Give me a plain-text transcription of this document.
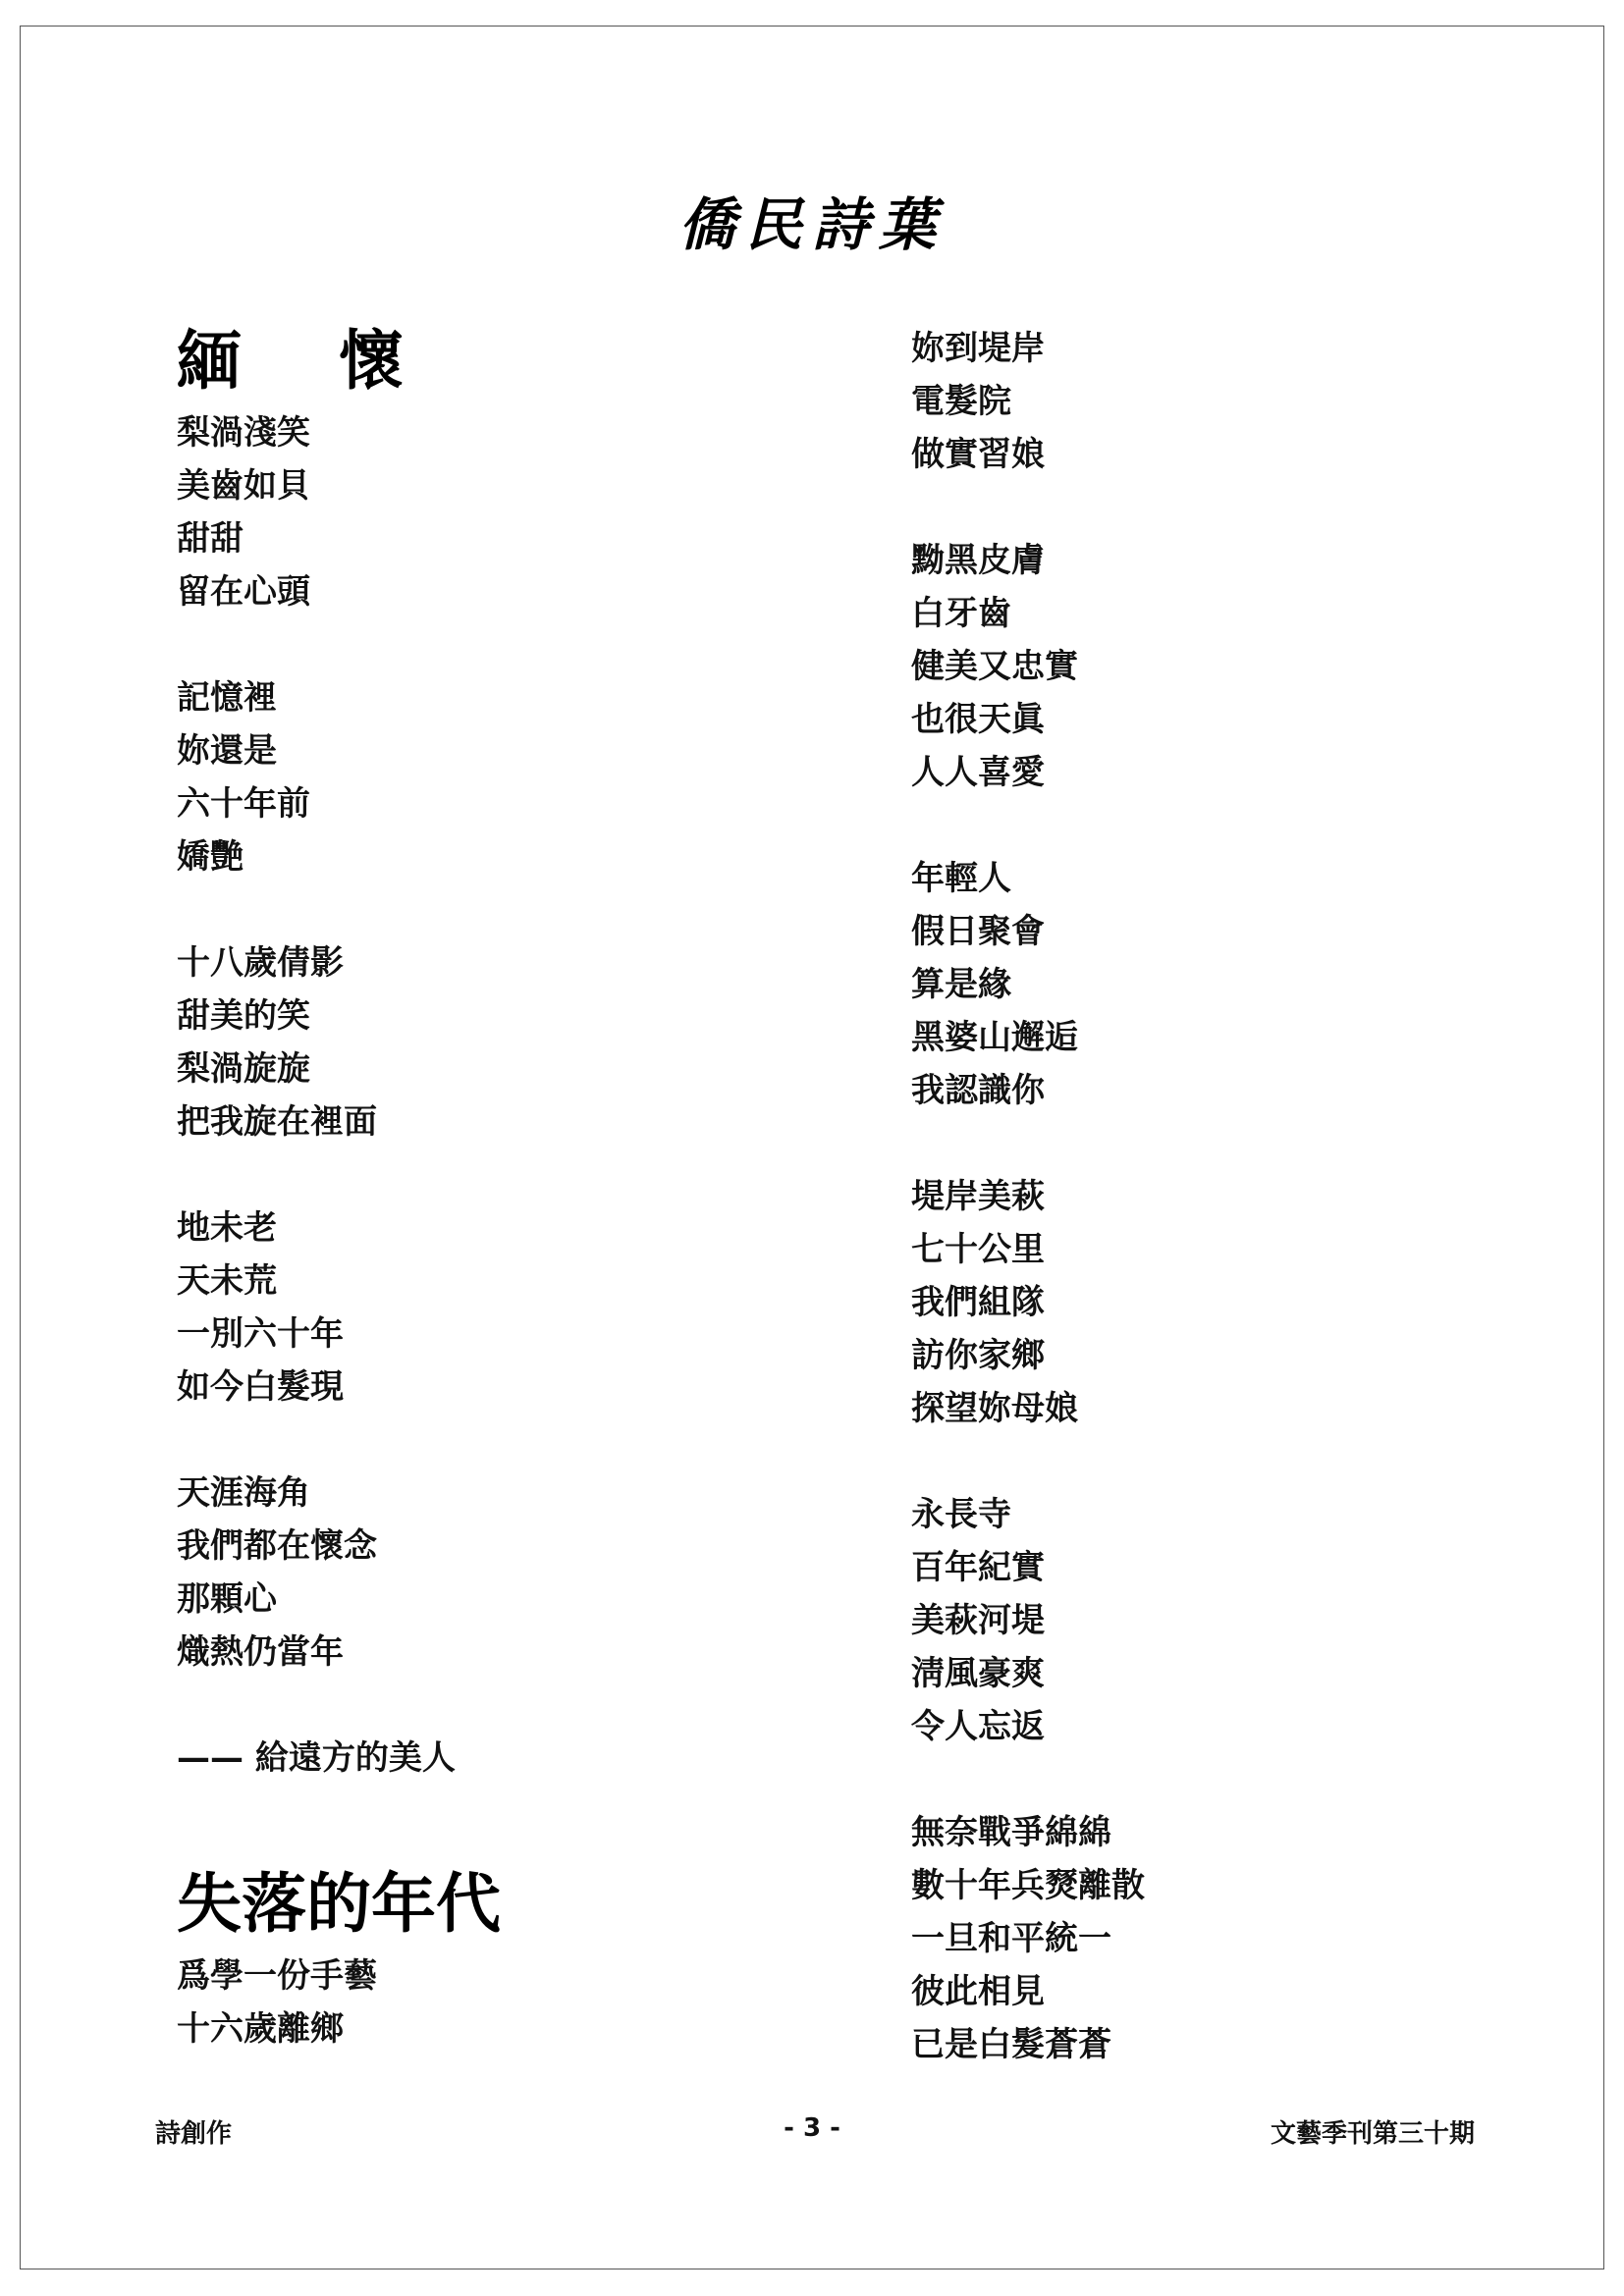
僑民詩葉
緬 懷
梨渦淺笑
美齒如貝
甜甜
留在心頭
記憶裡
妳還是
六十年前
嬌艷
十八歲倩影
甜美的笑
梨渦旋旋
把我旋在裡面
地未老
天未荒
一別六十年
如今白髮現
天涯海角
我們都在懷念
那顆心
熾熱仍當年
—— 給遠方的美人
失落的年代
爲學一份手藝
十六歲離鄉
妳到堤岸
電髮院
做實習娘
黝黑皮膚
白牙齒
健美又忠實
也很天眞
人人喜愛
年輕人
假日聚會
算是緣
黑婆山邂逅
我認識你
堤岸美萩
七十公里
我們組隊
訪你家鄉
探望妳母娘
永長寺
百年紀實
美萩河堤
淸風豪爽
令人忘返
無奈戰爭綿綿
數十年兵燹離散
一旦和平統一
彼此相見
已是白髮蒼蒼
詩創作	- 3 -	文藝季刊第三十期
